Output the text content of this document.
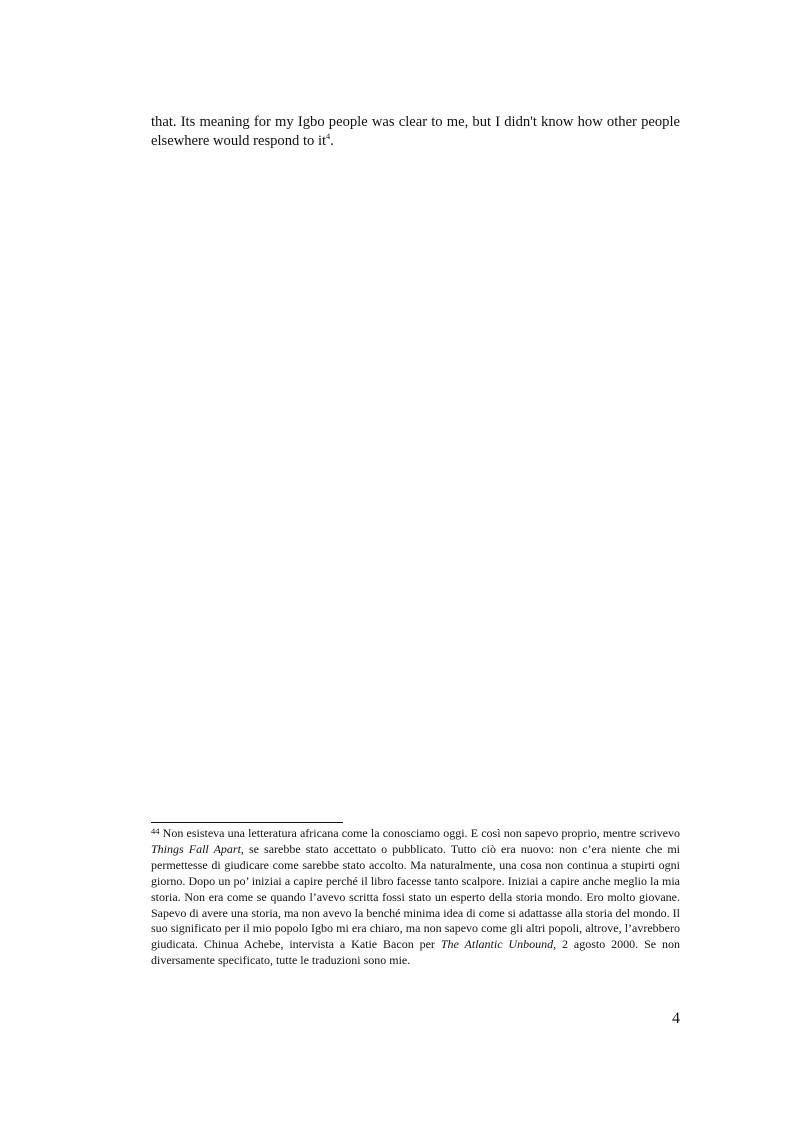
that. Its meaning for my Igbo people was clear to me, but I didn't know how other people elsewhere would respond to $it^4$.

$^{44}$ Non esisteva una letteratura africana come la conosciamo oggi. E così non sapevo proprio, mentre scrivevo Things Fall Apart, se sarebbe stato accettato o pubblicato. Tutto ciò era nuovo: non c’era niente che mi permettesse di giudicare come sarebbe stato accolto. Ma naturalmente, una cosa non continua a stupirti ogni giorno. Dopo un po’ iniziai a capire perché il libro facesse tanto scalpore. Iniziai a capire anche meglio la mia storia. Non era come se quando l’avevo scritta fossi stato un esperto della storia mondo. Ero molto giovane. Sapevo di avere una storia, ma non avevo la benché minima idea di come si adattasse alla storia del mondo. Il suo significato per il mio popolo Igbo mi era chiaro, ma non sapevo come gli altri popoli, altrove, l’avrebbero giudicata. Chinua Achebe, intervista a Katie Bacon per The Atlantic Unbound, 2 agosto 2000. Se non diversamente specificato, tutte le traduzioni sono mie.

4
